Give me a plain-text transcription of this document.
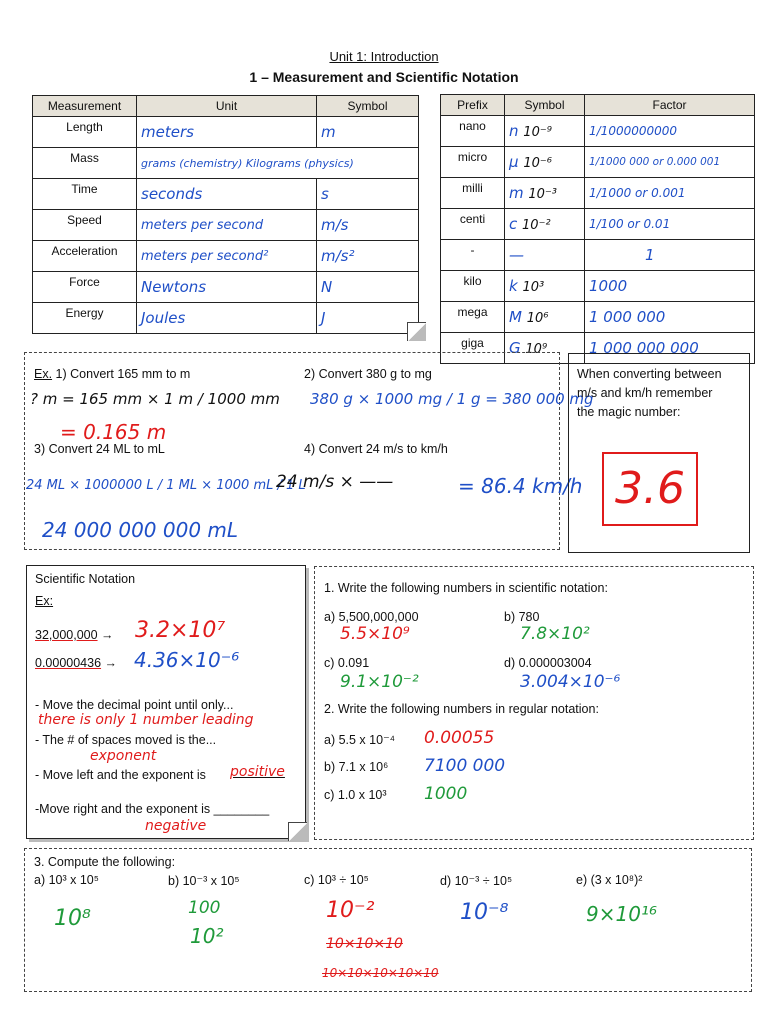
Unit 1: Introduction
1 – Measurement and Scientific Notation
Measurement	Unit	Symbol
Length	meters	m
Mass	grams (chemistry) Kilograms (physics)	
Time	seconds	s
Speed	meters per second	m/s
Acceleration	meters per second²	m/s²
Force	Newtons	N
Energy	Joules	J
Prefix	Symbol	Factor
nano	n 10⁻⁹	1/1000000000
micro	μ 10⁻⁶	1/1000 000 or 0.000 001
milli	m 10⁻³	1/1000 or 0.001
centi	c 10⁻²	1/100 or 0.01
-	—	1
kilo	k 10³	1000
mega	M 10⁶	1 000 000
giga	G 10⁹	1 000 000 000
Ex. 1) Convert 165 mm to m
? m = 165 mm × 1 m / 1000 mm
= 0.165 m
2) Convert 380 g to mg
380 g × 1000 mg / 1 g = 380 000 mg
3) Convert 24 ML to mL
24 ML × 1000000 L / 1 ML × 1000 mL / 1 L
24 000 000 000 mL
4) Convert 24 m/s to km/h
24 m/s × ——	= 86.4 km/h
When converting between
m/s and km/h remember
the magic number:
3.6
Scientific Notation
Ex:
32,000,000 → 3.2×10⁷
0.00000436 → 4.36×10⁻⁶
- Move the decimal point until only...
there is only 1 number leading
- The # of spaces moved is the...
exponent
- Move left and the exponent is positive
-Move right and the exponent is ________
negative
1. Write the following numbers in scientific notation:
a) 5,500,000,000
5.5×10⁹
b) 780
7.8×10²
c) 0.091
9.1×10⁻²
d) 0.000003004
3.004×10⁻⁶
2. Write the following numbers in regular notation:
a) 5.5 x 10⁻⁴ 0.00055
b) 7.1 x 10⁶ 7100 000
c) 1.0 x 10³ 1000
3. Compute the following:
a) 10³ x 10⁵
10⁸
b) 10⁻³ x 10⁵
100
10²
c) 10³ ÷ 10⁵
10⁻²
10×10×10
10×10×10×10×10
d) 10⁻³ ÷ 10⁵
10⁻⁸
e) (3 x 10⁸)²
9×10¹⁶
